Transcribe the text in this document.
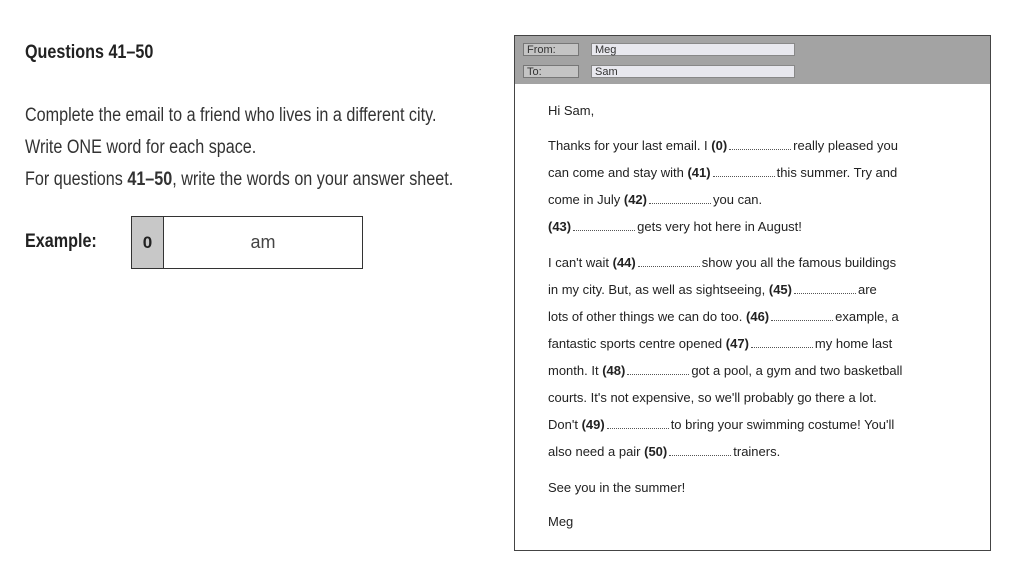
Questions 41–50
Complete the email to a friend who lives in a different city.
Write ONE word for each space.
For questions 41–50, write the words on your answer sheet.
Example:	0	am
From:	Meg
To:	Sam
Hi Sam,
Thanks for your last email. I (0)	really pleased you
can come and stay with (41)	this summer. Try and
come in July (42)	you can.
(43)	gets very hot here in August!
I can't wait (44)	show you all the famous buildings
in my city. But, as well as sightseeing, (45)	are
lots of other things we can do too. (46)	example, a
fantastic sports centre opened (47)	my home last
month. It (48)	got a pool, a gym and two basketball
courts. It's not expensive, so we'll probably go there a lot.
Don't (49)	to bring your swimming costume! You'll
also need a pair (50)	trainers.
See you in the summer!
Meg
